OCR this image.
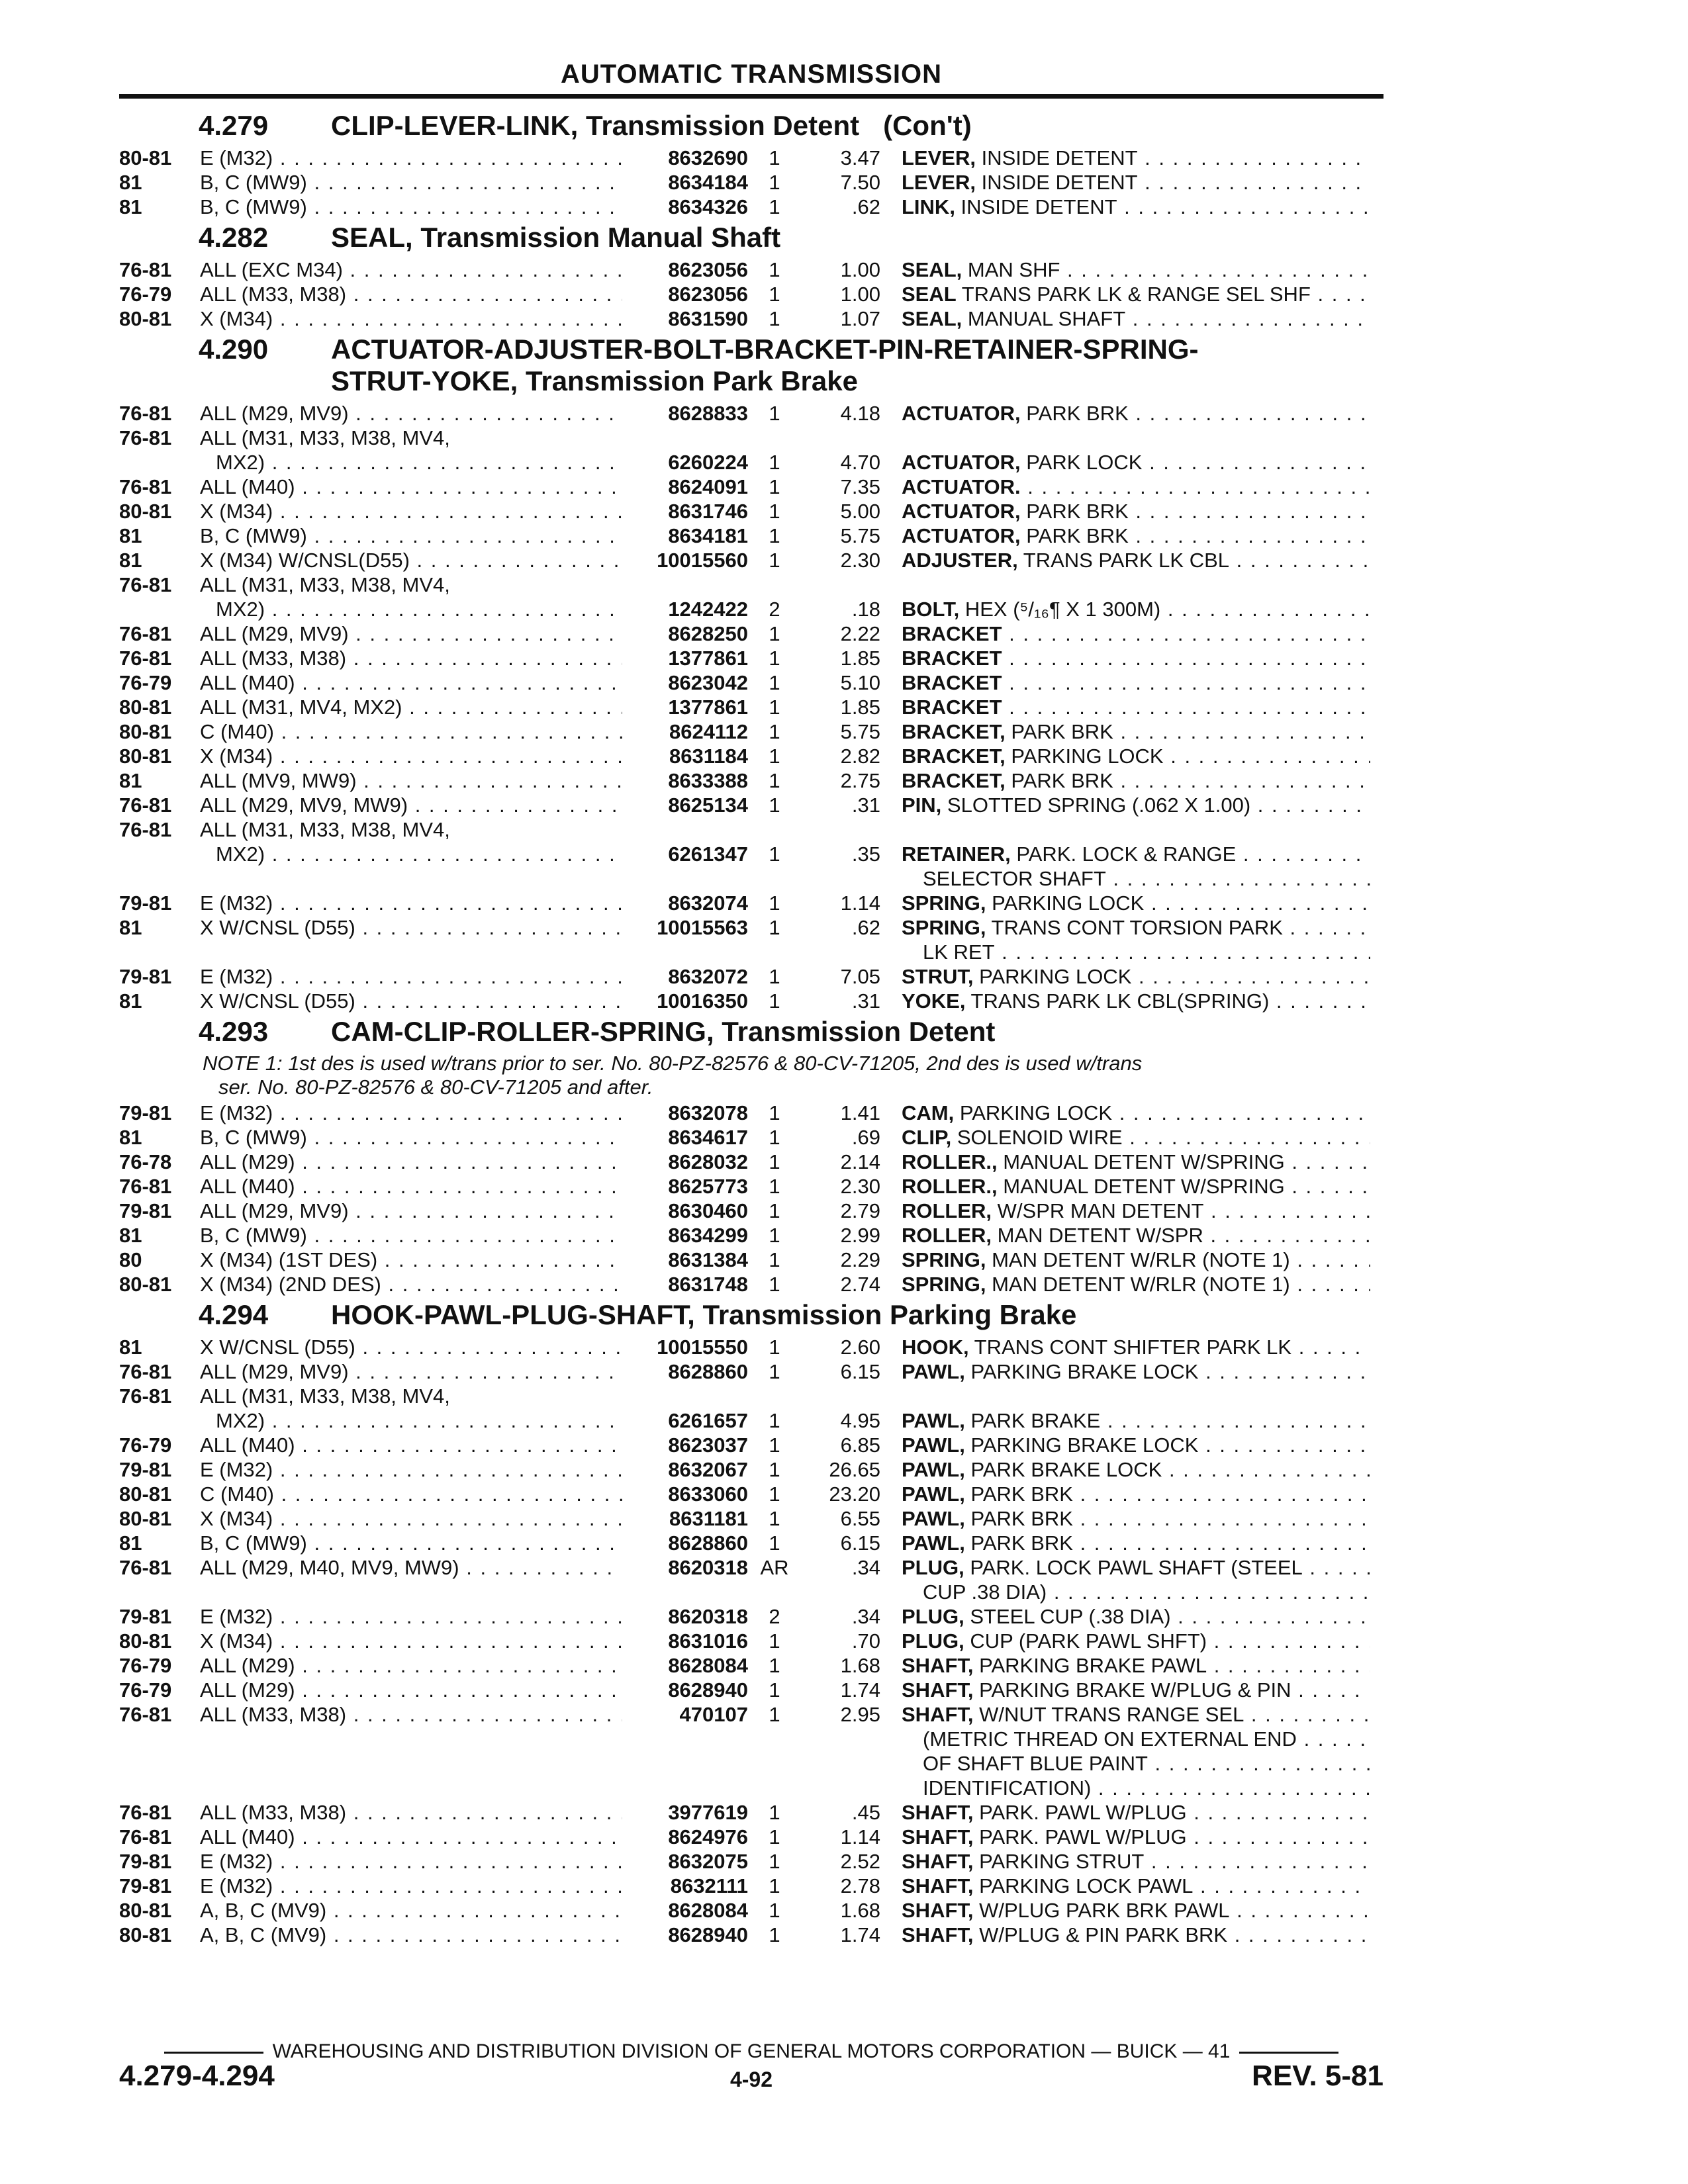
AUTOMATIC TRANSMISSION
4.279	CLIP-LEVER-LINK, Transmission Detent (Con't)
80-81	E (M32) . . .	8632690	1	3.47	LEVER, INSIDE DETENT . . .
81	B, C (MW9) . . .	8634184	1	7.50	LEVER, INSIDE DETENT . . .
81	B, C (MW9) . . .	8634326	1	.62	LINK, INSIDE DETENT . . .
4.282	SEAL, Transmission Manual Shaft
76-81	ALL (EXC M34) . . .	8623056	1	1.00	SEAL, MAN SHF . . .
76-79	ALL (M33, M38) . . .	8623056	1	1.00	SEAL TRANS PARK LK & RANGE SEL SHF . . .
80-81	X (M34) . . .	8631590	1	1.07	SEAL, MANUAL SHAFT . . .
4.290	ACTUATOR-ADJUSTER-BOLT-BRACKET-PIN-RETAINER-SPRING-
STRUT-YOKE, Transmission Park Brake
76-81	ALL (M29, MV9) . . .	8628833	1	4.18	ACTUATOR, PARK BRK . . .
76-81	ALL (M31, M33, M38, MV4,
MX2) . . .	6260224	1	4.70	ACTUATOR, PARK LOCK . . .
76-81	ALL (M40) . . .	8624091	1	7.35	ACTUATOR. . . .
80-81	X (M34) . . .	8631746	1	5.00	ACTUATOR, PARK BRK . . .
81	B, C (MW9) . . .	8634181	1	5.75	ACTUATOR, PARK BRK . . .
81	X (M34) W/CNSL(D55) . . .	10015560	1	2.30	ADJUSTER, TRANS PARK LK CBL . . .
76-81	ALL (M31, M33, M38, MV4,
MX2) . . .	1242422	2	.18	BOLT, HEX (⁵/₁₆¶ X 1 300M) . . .
76-81	ALL (M29, MV9) . . .	8628250	1	2.22	BRACKET . . .
76-81	ALL (M33, M38) . . .	1377861	1	1.85	BRACKET . . .
76-79	ALL (M40) . . .	8623042	1	5.10	BRACKET . . .
80-81	ALL (M31, MV4, MX2) . . .	1377861	1	1.85	BRACKET . . .
80-81	C (M40) . . .	8624112	1	5.75	BRACKET, PARK BRK . . .
80-81	X (M34) . . .	8631184	1	2.82	BRACKET, PARKING LOCK . . .
81	ALL (MV9, MW9) . . .	8633388	1	2.75	BRACKET, PARK BRK . . .
76-81	ALL (M29, MV9, MW9) . . .	8625134	1	.31	PIN, SLOTTED SPRING (.062 X 1.00) . . .
76-81	ALL (M31, M33, M38, MV4,
MX2) . . .	6261347	1	.35	RETAINER, PARK. LOCK & RANGE . . .
SELECTOR SHAFT . . .
79-81	E (M32) . . .	8632074	1	1.14	SPRING, PARKING LOCK . . .
81	X W/CNSL (D55) . . .	10015563	1	.62	SPRING, TRANS CONT TORSION PARK . . .
LK RET . . .
79-81	E (M32) . . .	8632072	1	7.05	STRUT, PARKING LOCK . . .
81	X W/CNSL (D55) . . .	10016350	1	.31	YOKE, TRANS PARK LK CBL(SPRING) . . .
4.293	CAM-CLIP-ROLLER-SPRING, Transmission Detent
NOTE 1: 1st des is used w/trans prior to ser. No. 80-PZ-82576 & 80-CV-71205, 2nd des is used w/trans
ser. No. 80-PZ-82576 & 80-CV-71205 and after.
79-81	E (M32) . . .	8632078	1	1.41	CAM, PARKING LOCK . . .
81	B, C (MW9) . . .	8634617	1	.69	CLIP, SOLENOID WIRE . . .
76-78	ALL (M29) . . .	8628032	1	2.14	ROLLER., MANUAL DETENT W/SPRING . . .
76-81	ALL (M40) . . .	8625773	1	2.30	ROLLER., MANUAL DETENT W/SPRING . . .
79-81	ALL (M29, MV9) . . .	8630460	1	2.79	ROLLER, W/SPR MAN DETENT . . .
81	B, C (MW9) . . .	8634299	1	2.99	ROLLER, MAN DETENT W/SPR . . .
80	X (M34) (1ST DES) . . .	8631384	1	2.29	SPRING, MAN DETENT W/RLR (NOTE 1) . . .
80-81	X (M34) (2ND DES) . . .	8631748	1	2.74	SPRING, MAN DETENT W/RLR (NOTE 1) . . .
4.294	HOOK-PAWL-PLUG-SHAFT, Transmission Parking Brake
81	X W/CNSL (D55) . . .	10015550	1	2.60	HOOK, TRANS CONT SHIFTER PARK LK . . .
76-81	ALL (M29, MV9) . . .	8628860	1	6.15	PAWL, PARKING BRAKE LOCK . . .
76-81	ALL (M31, M33, M38, MV4,
MX2) . . .	6261657	1	4.95	PAWL, PARK BRAKE . . .
76-79	ALL (M40) . . .	8623037	1	6.85	PAWL, PARKING BRAKE LOCK . . .
79-81	E (M32) . . .	8632067	1	26.65	PAWL, PARK BRAKE LOCK . . .
80-81	C (M40) . . .	8633060	1	23.20	PAWL, PARK BRK . . .
80-81	X (M34) . . .	8631181	1	6.55	PAWL, PARK BRK . . .
81	B, C (MW9) . . .	8628860	1	6.15	PAWL, PARK BRK . . .
76-81	ALL (M29, M40, MV9, MW9) . . .	8620318 AR	.34	PLUG, PARK. LOCK PAWL SHAFT (STEEL . . .
CUP .38 DIA) . . .
79-81	E (M32) . . .	8620318	2	.34	PLUG, STEEL CUP (.38 DIA) . . .
80-81	X (M34) . . .	8631016	1	.70	PLUG, CUP (PARK PAWL SHFT) . . .
76-79	ALL (M29) . . .	8628084	1	1.68	SHAFT, PARKING BRAKE PAWL . . .
76-79	ALL (M29) . . .	8628940	1	1.74	SHAFT, PARKING BRAKE W/PLUG & PIN . . .
76-81	ALL (M33, M38) . . .	470107	1	2.95	SHAFT, W/NUT TRANS RANGE SEL . . .
(METRIC THREAD ON EXTERNAL END . . .
OF SHAFT BLUE PAINT . . .
IDENTIFICATION) . . .
76-81	ALL (M33, M38) . . .	3977619	1	.45	SHAFT, PARK. PAWL W/PLUG . . .
76-81	ALL (M40) . . .	8624976	1	1.14	SHAFT, PARK. PAWL W/PLUG . . .
79-81	E (M32) . . .	8632075	1	2.52	SHAFT, PARKING STRUT . . .
79-81	E (M32) . . .	8632111	1	2.78	SHAFT, PARKING LOCK PAWL . . .
80-81	A, B, C (MV9) . . .	8628084	1	1.68	SHAFT, W/PLUG PARK BRK PAWL . . .
80-81	A, B, C (MV9) . . .	8628940	1	1.74	SHAFT, W/PLUG & PIN PARK BRK . . .
WAREHOUSING AND DISTRIBUTION DIVISION OF GENERAL MOTORS CORPORATION — BUICK — 41
4.279-4.294	4-92	REV. 5-81
